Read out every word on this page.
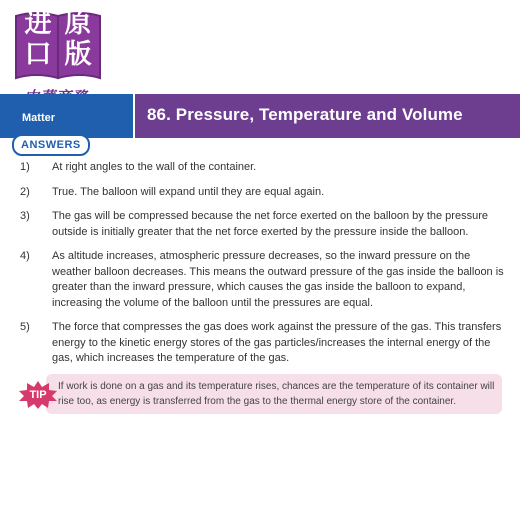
进 原
口 版
Matter	86. Pressure, Temperature and Volume
ANSWERS
1) At right angles to the wall of the container.
2) True. The balloon will expand until they are equal again.
3) The gas will be compressed because the net force exerted on the balloon by the pressure outside is initially greater that the net force exerted by the pressure inside the balloon.
4) As altitude increases, atmospheric pressure decreases, so the inward pressure on the weather balloon decreases. This means the outward pressure of the gas inside the balloon is greater than the inward pressure, which causes the gas inside the balloon to expand, increasing the volume of the balloon until the pressures are equal.
5) The force that compresses the gas does work against the pressure of the gas. This transfers energy to the kinetic energy stores of the gas particles/increases the internal energy of the gas, which increases the temperature of the gas.
If work is done on a gas and its temperature rises, chances are the temperature of its container will rise too, as energy is transferred from the gas to the thermal energy store of the container.
TIP
